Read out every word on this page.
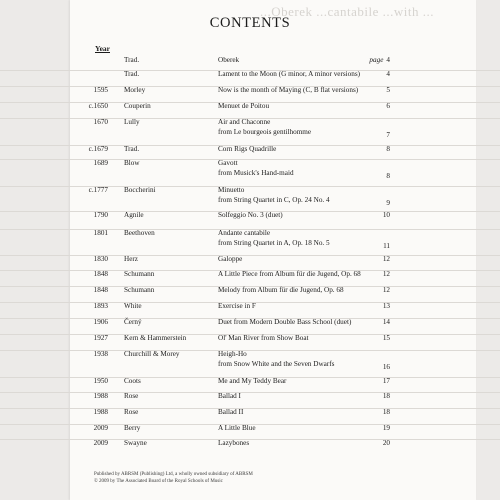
...Oberek ...cantabile ...with ...
CONTENTS
Year
Trad.	Oberek	page 4
Trad.	Lament to the Moon (G minor, A minor versions)	4
1595 Morley	Now is the month of Maying (C, B flat versions)	5
c.1650 Couperin	Menuet de Poitou	6
1670 Lully	Air and Chaconne
from Le bourgeois gentilhomme	7
c.1679 Trad.	Corn Rigs Quadrille	8
1689 Blow	Gavott
from Musick's Hand-maid	8
c.1777 Boccherini	Minuetto
from String Quartet in C, Op. 24 No. 4	9
1790 Agnile	Solfeggio No. 3 (duet)	10
1801 Beethoven	Andante cantabile
from String Quartet in A, Op. 18 No. 5	11
1830 Herz	Galoppe	12
1848 Schumann	A Little Piece from Album für die Jugend, Op. 68	12
1848 Schumann	Melody from Album für die Jugend, Op. 68	12
1893 White	Exercise in F	13
1906 Černý	Duet from Modern Double Bass School (duet)	14
1927 Kern & Hammerstein	Ol' Man River from Show Boat	15
1938 Churchill & Morey	Heigh-Ho
from Snow White and the Seven Dwarfs	16
1950 Coots	Me and My Teddy Bear	17
1988 Rose	Ballad I	18
1988 Rose	Ballad II	18
2009 Berry	A Little Blue	19
2009 Swayne	Lazybones	20
Published by ABRSM (Publishing) Ltd, a wholly owned subsidiary of ABRSM
© 2009 by The Associated Board of the Royal Schools of Music
